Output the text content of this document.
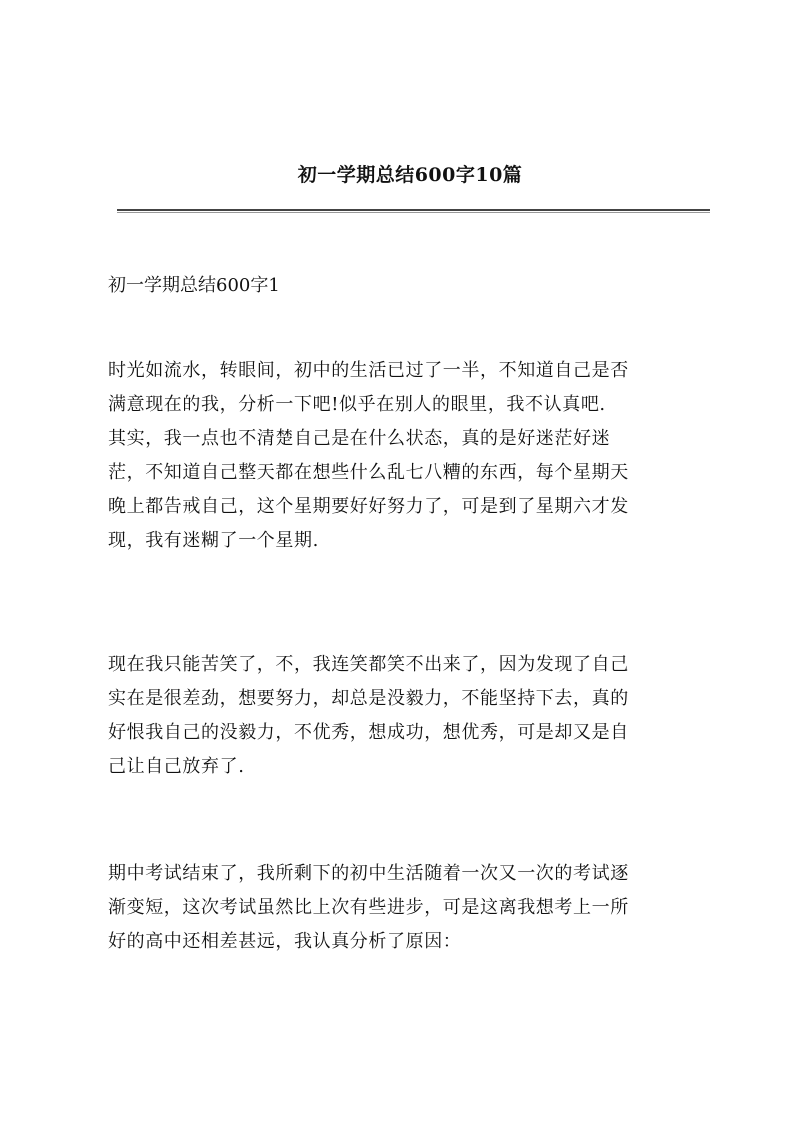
初一学期总结600字10篇
初一学期总结600字1

时光如流水，转眼间，初中的生活已过了一半，不知道自己是否
满意现在的我，分析一下吧!似乎在别人的眼里，我不认真吧.
其实，我一点也不清楚自己是在什么状态，真的是好迷茫好迷
茫，不知道自己整天都在想些什么乱七八糟的东西，每个星期天
晚上都告戒自己，这个星期要好好努力了，可是到了星期六才发
现，我有迷糊了一个星期.

现在我只能苦笑了，不，我连笑都笑不出来了，因为发现了自己
实在是很差劲，想要努力，却总是没毅力，不能坚持下去，真的
好恨我自己的没毅力，不优秀，想成功，想优秀，可是却又是自
己让自己放弃了.

期中考试结束了，我所剩下的初中生活随着一次又一次的考试逐
渐变短，这次考试虽然比上次有些进步，可是这离我想考上一所
好的高中还相差甚远，我认真分析了原因：
